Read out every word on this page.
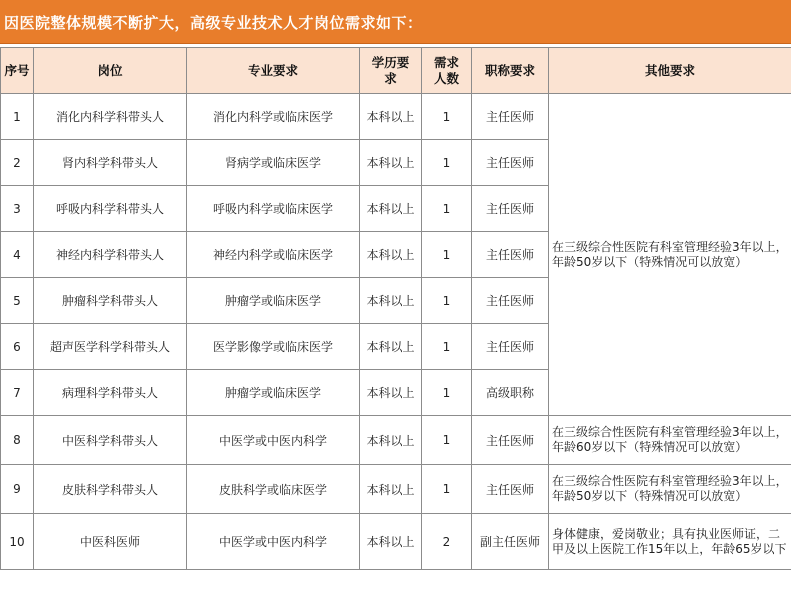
因医院整体规模不断扩大，高级专业技术人才岗位需求如下：
序号	岗位	专业要求	学历要求	需求人数	职称要求	其他要求
1	消化内科学科带头人	消化内科学或临床医学	本科以上	1	主任医师	在三级综合性医院有科室管理经验3年以上，年龄50岁以下（特殊情况可以放宽）
2	肾内科学科带头人	肾病学或临床医学	本科以上	1	主任医师	
3	呼吸内科学科带头人	呼吸内科学或临床医学	本科以上	1	主任医师	
4	神经内科学科带头人	神经内科学或临床医学	本科以上	1	主任医师	
5	肿瘤科学科带头人	肿瘤学或临床医学	本科以上	1	主任医师	
6	超声医学科学科带头人	医学影像学或临床医学	本科以上	1	主任医师	
7	病理科学科带头人	肿瘤学或临床医学	本科以上	1	高级职称	
8	中医科学科带头人	中医学或中医内科学	本科以上	1	主任医师	在三级综合性医院有科室管理经验3年以上，年龄60岁以下（特殊情况可以放宽）
9	皮肤科学科带头人	皮肤科学或临床医学	本科以上	1	主任医师	在三级综合性医院有科室管理经验3年以上，年龄50岁以下（特殊情况可以放宽）
10	中医科医师	中医学或中医内科学	本科以上	2	副主任医师	身体健康，爱岗敬业；具有执业医师证，二甲及以上医院工作15年以上，年龄65岁以下
